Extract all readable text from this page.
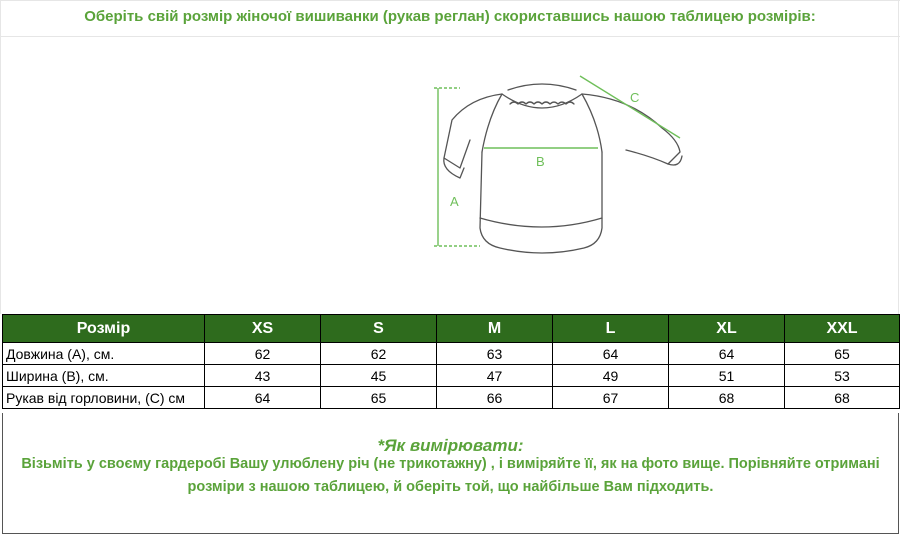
Оберіть свій розмір жіночої вишиванки (рукав реглан) скориставшись нашою таблицею розмірів:
A
B
C
Розмір	XS	S	M	L	XL	XXL
Довжина (А), см.	62	62	63	64	64	65
Ширина (В), см.	43	45	47	49	51	53
Рукав від горловини, (С) см	64	65	66	67	68	68
*Як вимірювати:

Візьміть у своєму гардеробі Вашу улюблену річ (не трикотажну) , і виміряйте її, як на фото вище. Порівняйте отримані

розміри з нашою таблицею, й оберіть той, що найбільше Вам підходить.
